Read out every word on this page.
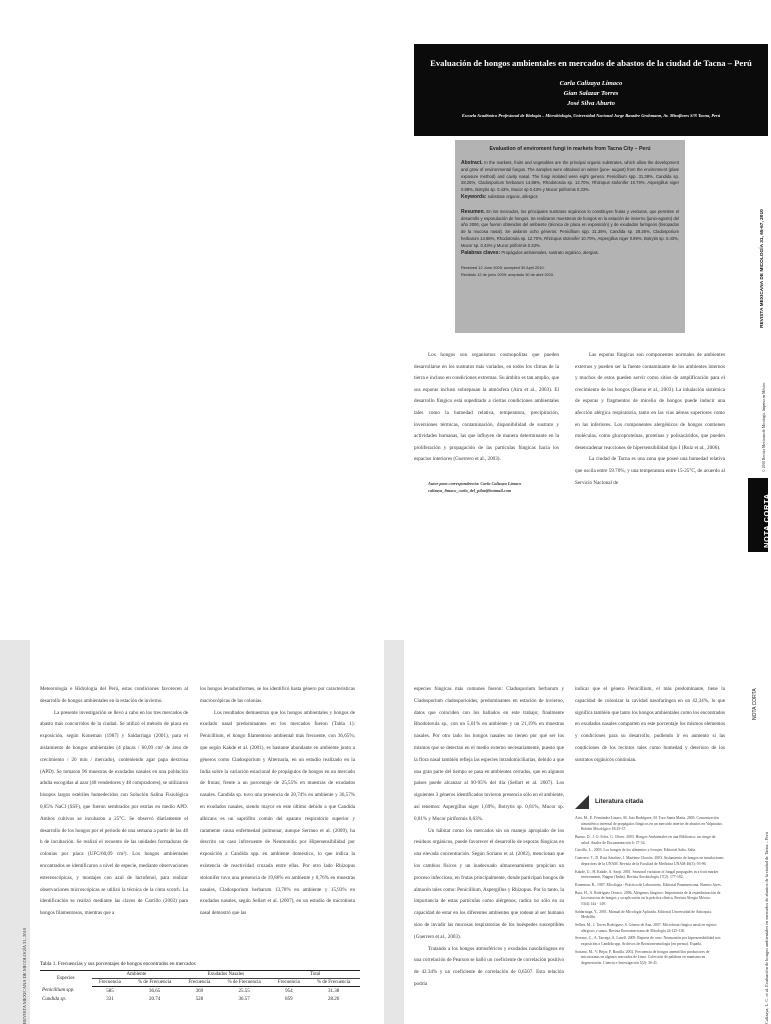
Evaluación de hongos ambientales en mercados de abastos de la ciudad de Tacna – Perú
Carla Calizaya Limaco
Gian Salazar Torres
José Silva Aburto
Escuela Académico Profesional de Biología – Microbiología, Universidad Nacional Jorge Basadre Grohmann, Av. Miraflores S/N Tacna, Perú
Evaluation of enviroment fungi in markets from Tacna City – Perú

Abstract. In the markets, fruits and vegetables are the principal organic substrates, which allow the development and grow of environmental fungus. The samples were obtained on winter (june- august) from the environment (plate exposure method) and cavity nasal. The fungi isolated were eight genera: Penicillium spp. 31.38%, Candida sp. 28.26%, Cladosporium herbarum 14.88%, Rhodotorula sp. 12.70%, Rhizopus stolonifer 10.79%, Aspergillus niger 0.89%, Botrytis sp. 0.43%, Mucor sp 0.43% y Mucor piriformis 0.33%.
Keywords: substrate organic, allergics

Resumen. En los mercados, los principales sustratos orgánicos lo constituyen frutas y verduras, que permiten el desarrollo y esporulación de hongos. Se realizaron muestreos de hongos en la estación de invierno (junio-agosto) del año 2006, que fueron obtenidos del ambiente (técnica de placa en exposición) y de exudados faríngeos (hisopados de la mucosa nasal). Se aislaron ocho géneros: Penicillium spp. 31.38%, Candida sp. 28.26%, Cladosporium herbarum 14.88%, Rhodotorula sp. 12.70%, Rhizopus stolonifer 10.79%, Aspergillus niger 0.89%, Botrytis sp. 0.43%, Mucor sp. 0.43% y Mucor piriformis 0.33%.
Palabras claves: Propágulos ambientales, sustrato orgánico, alergias.

Received 12 June 2009; accepted 30 April 2010.
Recibido 12 de junio 2009; aceptado 30 de abril 2010.

Los hongos son organismos cosmopolitas que pueden desarrollarse en los sustratos más variados, en todos los climas de la tierra e incluso en condiciones extremas. Su ámbito es tan amplio, que sus esporas incluso sobrepasan la atmósfera (Aira et al., 2003). El desarrollo fúngico está supeditado a ciertas condiciones ambientales tales como la humedad relativa, temperatura, precipitación, inversiones térmicas, contaminación, disponibilidad de sustrato y actividades humanas, las que influyen de manera determinante en la proliferación y propagación de las partículas fúngicas hacia los espacios interiores (Guerrero et al., 2003).

Autor para correspondencia: Carla Calizaya Limaco
calizaya_limaco_carla_del_pilar@hotmail.com

Las esporas fúngicas son componentes normales de ambientes externos y pueden ser la fuente contaminante de los ambientes internos y muchos de estos pueden servir como sitios de amplificación para el crecimiento de los hongos (Bueno et al., 2003). La inhalación sistémica de esporas y fragmentos de micelio de hongos puede inducir una afección alérgica respiratoria, tanto en las vías aéreas superiores como en las inferiores. Los componentes alergénicos de hongos contienen moléculas, como glucoproteínas, proteínas y polisacáridos, que pueden desencadenar reacciones de hipersensibilidad tipo I (Ruiz et al., 2006).

La ciudad de Tacna es una zona que posee una humedad relativa que oscila entre 59.70%, y una temperatura entre 15-25°C, de acuerdo al Servicio Nacional de

REVISTA MEXICANA DE MICOLOGÍA 31, 65-67, 2010
© 2010 Revista Mexicana de Micología. Impresa en México
NOTA CORTA
REVISTA MEXICANA DE MICOLOGÍA 31, 2010	Calizaya, L. C. et al. Evaluación de hongos ambientales en mercados de abastos de la ciudad de Tacna – Perú
NOTA CORTA

Meteorología e Hidrología del Perú, estas condiciones favorecen al desarrollo de hongos ambientales en la estación de invierno.

La presente investigación se llevó a cabo en los tres mercados de abasto más concurridos de la ciudad. Se utilizó el método de placa en exposición, según Koneman (1987) y Saldarriaga (2001), para el aislamiento de hongos ambientales (4 placas / 60,09 cm² de área de crecimiento / 20 min / mercado), conteniendo agar papa dextrosa (APD). Se tomaron 96 muestras de exudados nasales en una población adulta escogidas al azar (48 vendedores y 48 compradores), se utilizaron hisopos largos estériles humedecidos con Solución Salina Fisiológica 0,85% NaCl (SSF), que fueron sembrados por estrías en medio APD. Ambos cultivos se incubaron a 25°C. Se observó diariamente el desarrollo de los hongos por el periodo de una semana a partir de las 48 h de incubación. Se realizó el recuento de las unidades formadoras de colonias por placa (UFC/60,09 cm²). Los hongos ambientales encontrados se identificaron a nivel de especie, mediante observaciones estereoscópicas, y montajes con azul de lactofenol, para realizar observaciones microscópicas se utilizó la técnica de la cinta scotch. La identificación se realizó mediante las claves de Carrillo (2003) para hongos filamentosos, mientras que a

los hongos levaduriformes, se los identificó hasta género por características macroscópicas de las colonias.

Los resultados demuestran que los hongos ambientales y hongos de exudado nasal predominantes en los mercados fueron (Tabla 1): Penicillium, el hongo filamentoso ambiental más frecuente, con 36,65%; que según Kakde et al. (2001), es bastante abundante en ambiente junto a géneros como Cladosporium y Alternaria, en un estudio realizado en la India sobre la variación estacional de propágulos de hongos en un mercado de frutas; frente a un porcentaje de 25,55% en muestras de exudados nasales. Candida sp. tuvo una presencia de 20,74% en ambiente y 36,57% en exudados nasales, siendo mayor en este último debido a que Candida albicans es un saprófito común del aparato respiratorio superior y raramente causa enfermedad pulmonar, aunque Serrano et al. (2009), ha descrito un caso infrecuente de Neumonitis por Hipersensibilidad por exposición a Candida spp. en ambiente doméstico, lo que indica la existencia de reactividad cruzada entre ellas. Por otro lado Rhizopus stolonifer tuvo una presencia de 19,86% en ambiente y 0,76% en muestras nasales, Cladosporium herbarum 13,78% en ambiente y 15,93% en exudados nasales, según Sellart et al. (2007), en un estudio de microbiota nasal demostró que las

especies fúngicas más comunes fueron: Cladosporium herbarum y Cladosporium cladosporioides, predominantes en estación de invierno, datos que coinciden con los hallados en este trabajo; finalmente Rhodotorula sp., con un 5,01% en ambiente y un 21,19% en muestras nasales. Por otro lado los hongos nasales no tienen por qué ser los mismos que se detectan en el medio externo necesariamente, puesto que la flora nasal también refleja las especies intradomiciliarias, debido a que una gran parte del tiempo se pasa en ambientes cerrados, que en algunos países puede alcanzar al 90-95% del día (Sellart et al. 2007). Los siguientes 3 géneros identificados tuvieron presencia sólo en el ambiente, así tenemos: Aspergillus niger 1,69%, Botrytis sp. 0,81%, Mucor sp. 0,81% y Mucor piriformis 0,63%.

Un hábitat como los mercados sin un manejo apropiado de los residuos orgánicos, puede favorecer el desarrollo de esporas fúngicas en una elevada concentración. Según Soriano et al. (2002), mencionan que los cambios físicos y un inadecuado almacenamiento propician un proceso infeccioso, en frutas principalmente, donde participan hongos de almacén tales como: Penicillium, Aspergillus y Rhizopus. Por lo tanto, la importancia de estas partículas como alérgenos, radica no sólo en su capacidad de estar en los diferentes ambientes que rodean al ser humano sino de invadir las mucosas respiratorias de los huéspedes susceptibles (Guerrero et al., 2003).

Tratando a los hongos atmosféricos y exudados nasofaríngeos en una correlación de Pearson se halló un coeficiente de correlación positivo de 42.34% y un coeficiente de correlación de 0,6507. Esta relación podría

indicar que el género Penicillium, el más predominante, tiene la capacidad de colonizar la cavidad nasofaríngea en un 42,34%, lo que significa también que tanto los hongos ambientales como los encontrados en exudados nasales comparten en este porcentaje los mismos elementos y condiciones para su desarrollo, pudiendo ir en aumento si las condiciones de los recintos tales como humedad y deterioro de los sustratos orgánicos continúan.

Literatura citada

Aira, M., E. Fernández Lázaro, M. Jato Rodríguez, M. Toro Santa María. 2003. Concentración atmosférica invernal de propágulos fúngicos en un mercado interior de abastos en Valparaíso. Boletín Micológico 18:29-37.

Bueno, D., J. O. Silva, G. Oliver. 2003. Hongos Ambientales en una Biblioteca: un riesgo de salud. Anales de Documentación 6: 27-34.

Carrillo, L., 2003. Los hongos de los alimentos y forrajes. Editorial Salta. Salta.

Guerrero, T., D. Ruiz Sánchez, J. Martínez Chacón. 2003. Aislamiento de hongos en instalaciones deportivas de la UNAM. Revista de la Facultad de Medicina UNAM 46(3): 93-96.

Kakde, U., H. Kakde, A. Saoji. 2001. Seasonal variation of fungal propagules in a fruit market environment, Nagpur (India). Revista Aerobiología 17(2): 177-182.

Koneman, R., 1987. Micología - Práctica de Laboratorio. Editorial Panamericana. Buenos Aires.

Ruiz, H., A. Rodríguez Orozco. 2006. Alérgenos fúngicos: Importancia de la estandarización de los extractos de hongos y su aplicación en la práctica clínica. Revista Alergia México 53(4):144 - 149.

Saldarriaga, Y., 2001. Manual de Micología Aplicada. Editorial Universidad de Antioquia. Medellín.

Sellart, M., J. Torres Rodríguez, S. Gómez de Ana. 2007. Microbiota fúngica nasal en sujetos alérgicos y sanos. Revista Iberoamericana de Micología 24:125-130.

Serrano, C., A. Tarrega, A. Lusell. 2009. Reporte de caso: Neumonitis por hipersensibilidad tras exposición a Candida spp. Archivos de Bronconeumología (en prensa). España.

Soriano, M., V. Bejar, P. Bonilla. 2002. Frecuencia de hongos anemófilos productores de micotoxinas en algunos mercados de Lima. Colección de palabras en manismo en degeneración. Ciencia e Investigación 5(2): 36-41.

Tabla 1. Frecuencias y sus porcentajes de hongos encontrados en mercados
Especies	Ambiente		Exudados Nasales		Total	
	Frecuencia	% de Frecuencia	Frecuencia	% de Frecuencia	Frecuencia	% de Frecuencia
Penicillium spp.	585	36.65	369	25.55	954	31.38
Candida sp.	331	20.74	528	36.57	859	28.26
